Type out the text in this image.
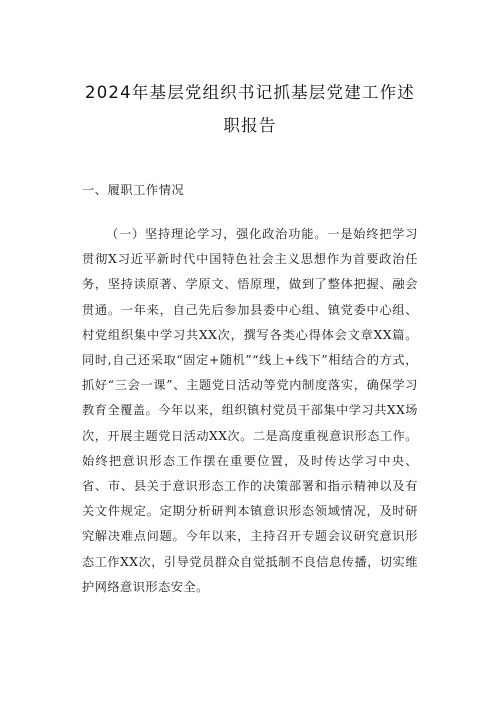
2024年基层党组织书记抓基层党建工作述
职报告
一、履职工作情况

（一）坚持理论学习，强化政治功能。一是始终把学习贯彻X习近平新时代中国特色社会主义思想作为首要政治任务，坚持读原著、学原文、悟原理，做到了整体把握、融会贯通。一年来，自己先后参加县委中心组、镇党委中心组、村党组织集中学习共XX次，撰写各类心得体会文章XX篇。同时,自己还采取“固定+随机”“线上+线下”相结合的方式，抓好“三会一课”、主题党日活动等党内制度落实，确保学习教育全覆盖。今年以来，组织镇村党员干部集中学习共XX场次，开展主题党日活动XX次。二是高度重视意识形态工作。始终把意识形态工作摆在重要位置，及时传达学习中央、省、市、县关于意识形态工作的决策部署和指示精神以及有关文件规定。定期分析研判本镇意识形态领域情况，及时研究解决难点问题。今年以来，主持召开专题会议研究意识形态工作XX次，引导党员群众自觉抵制不良信息传播，切实维护网络意识形态安全。
